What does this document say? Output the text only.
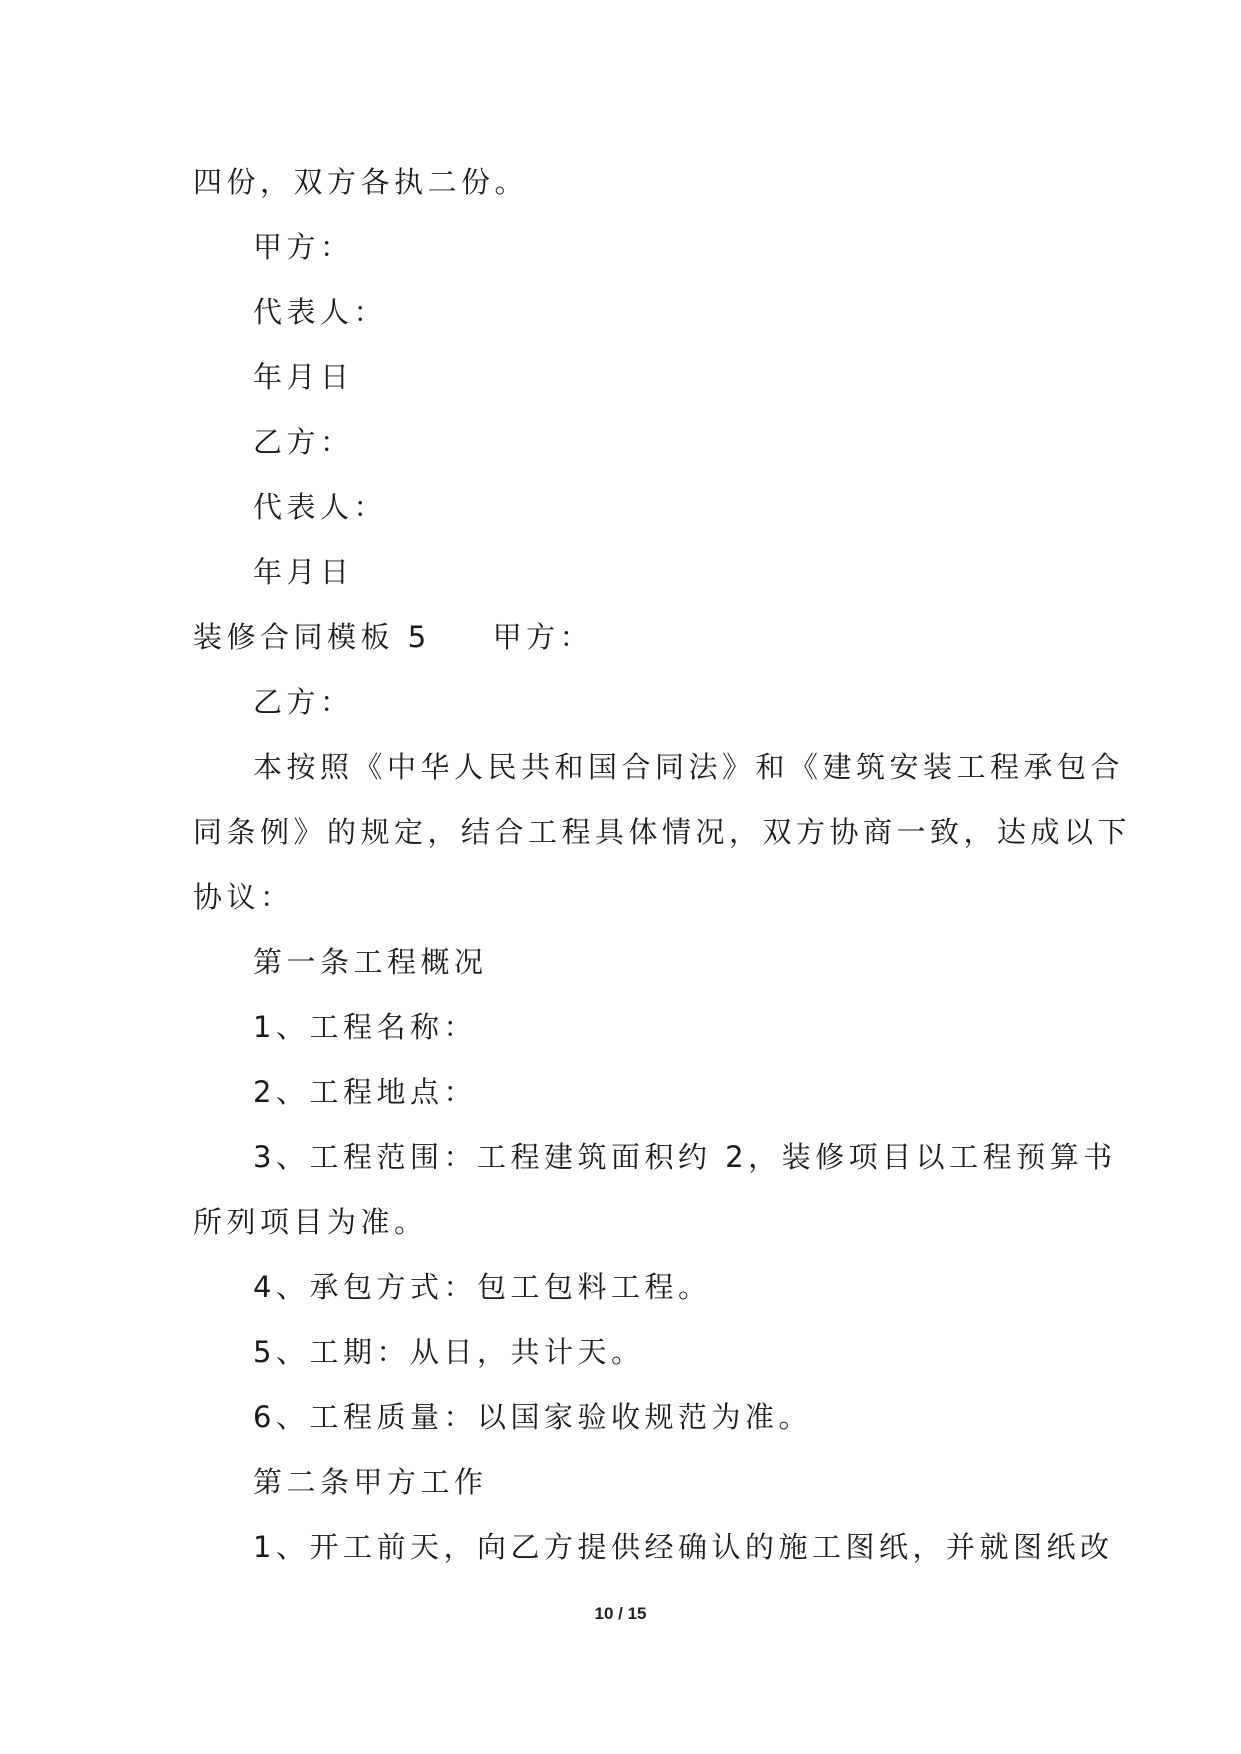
四份，双方各执二份。
甲方：
代表人：
年月日
乙方：
代表人：
年月日
装修合同模板 5 甲方：
乙方：
本按照《中华人民共和国合同法》和《建筑安装工程承包合
同条例》的规定，结合工程具体情况，双方协商一致，达成以下
协议：
第一条工程概况
1、工程名称：
2、工程地点：
3、工程范围：工程建筑面积约 2，装修项目以工程预算书
所列项目为准。
4、承包方式：包工包料工程。
5、工期：从日，共计天。
6、工程质量：以国家验收规范为准。
第二条甲方工作
1、开工前天，向乙方提供经确认的施工图纸，并就图纸改
10 / 15
